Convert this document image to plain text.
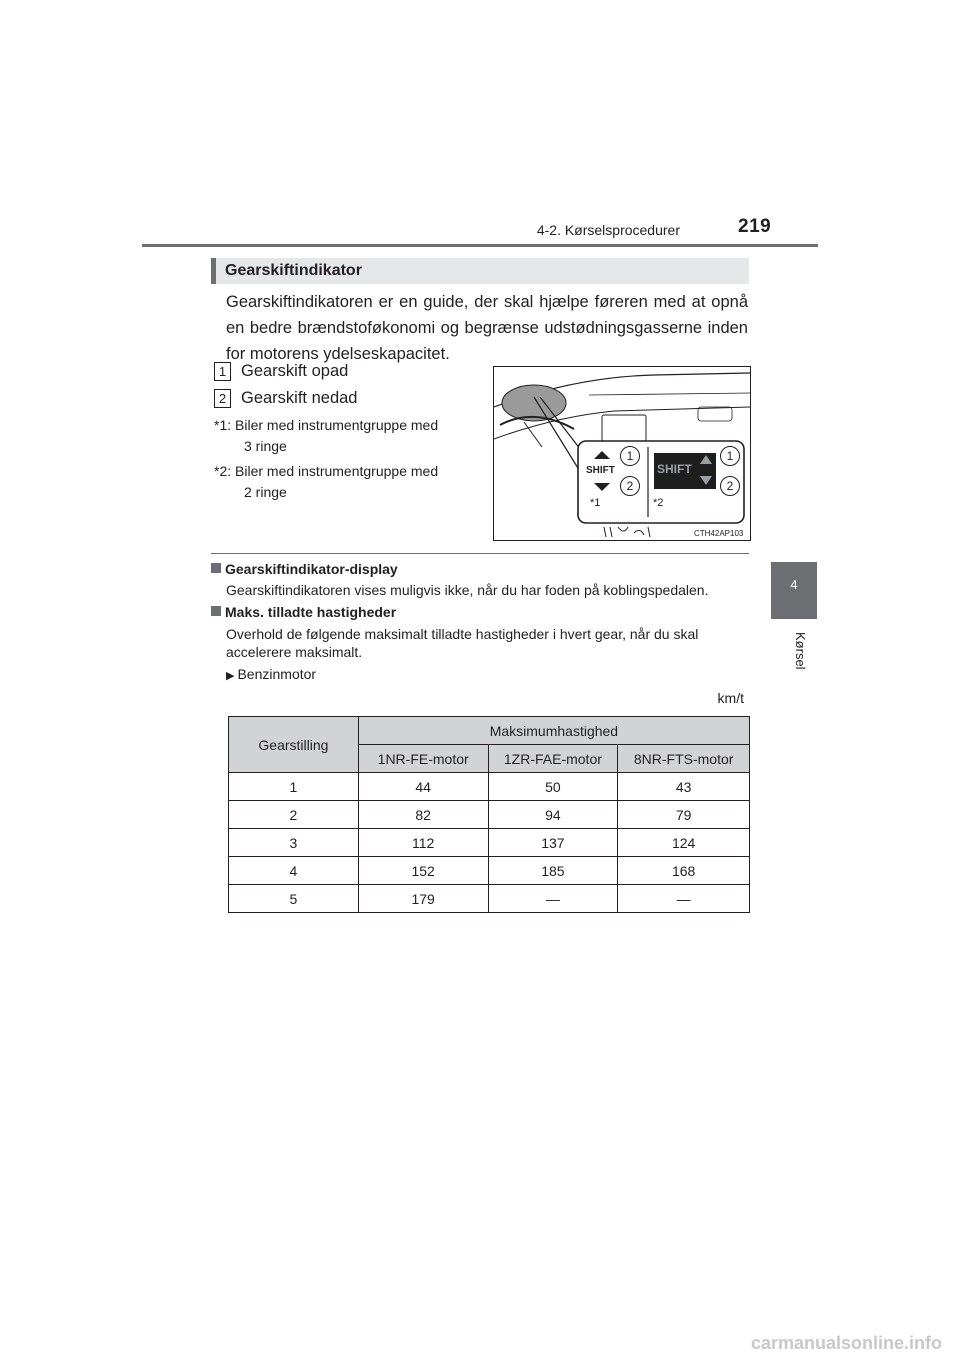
4-2. Kørselsprocedurer	219
4
Kørsel
Gearskiftindikator
Gearskiftindikatoren er en guide, der skal hjælpe føreren med at opnå en bedre brændstoføkonomi og begrænse udstødningsgasserne inden for motorens ydelseskapacitet.
1 Gearskift opad
2 Gearskift nedad
*1: Biler med instrumentgruppe med
3 ringe
*2: Biler med instrumentgruppe med
2 ringe
SHIFT	SHIFT
1
2
1
2
*1	*2
CTH42AP103
Gearskiftindikator-display
Gearskiftindikatoren vises muligvis ikke, når du har foden på koblingspedalen.
Maks. tilladte hastigheder
Overhold de følgende maksimalt tilladte hastigheder i hvert gear, når du skal accelerere maksimalt.
▶ Benzinmotor
km/t
Gearstilling	Maksimumhastighed		
	1NR-FE-motor	1ZR-FAE-motor	8NR-FTS-motor
1	44	50	43
2	82	94	79
3	112	137	124
4	152	185	168
5	179	—	—
carmanualsonline.info
